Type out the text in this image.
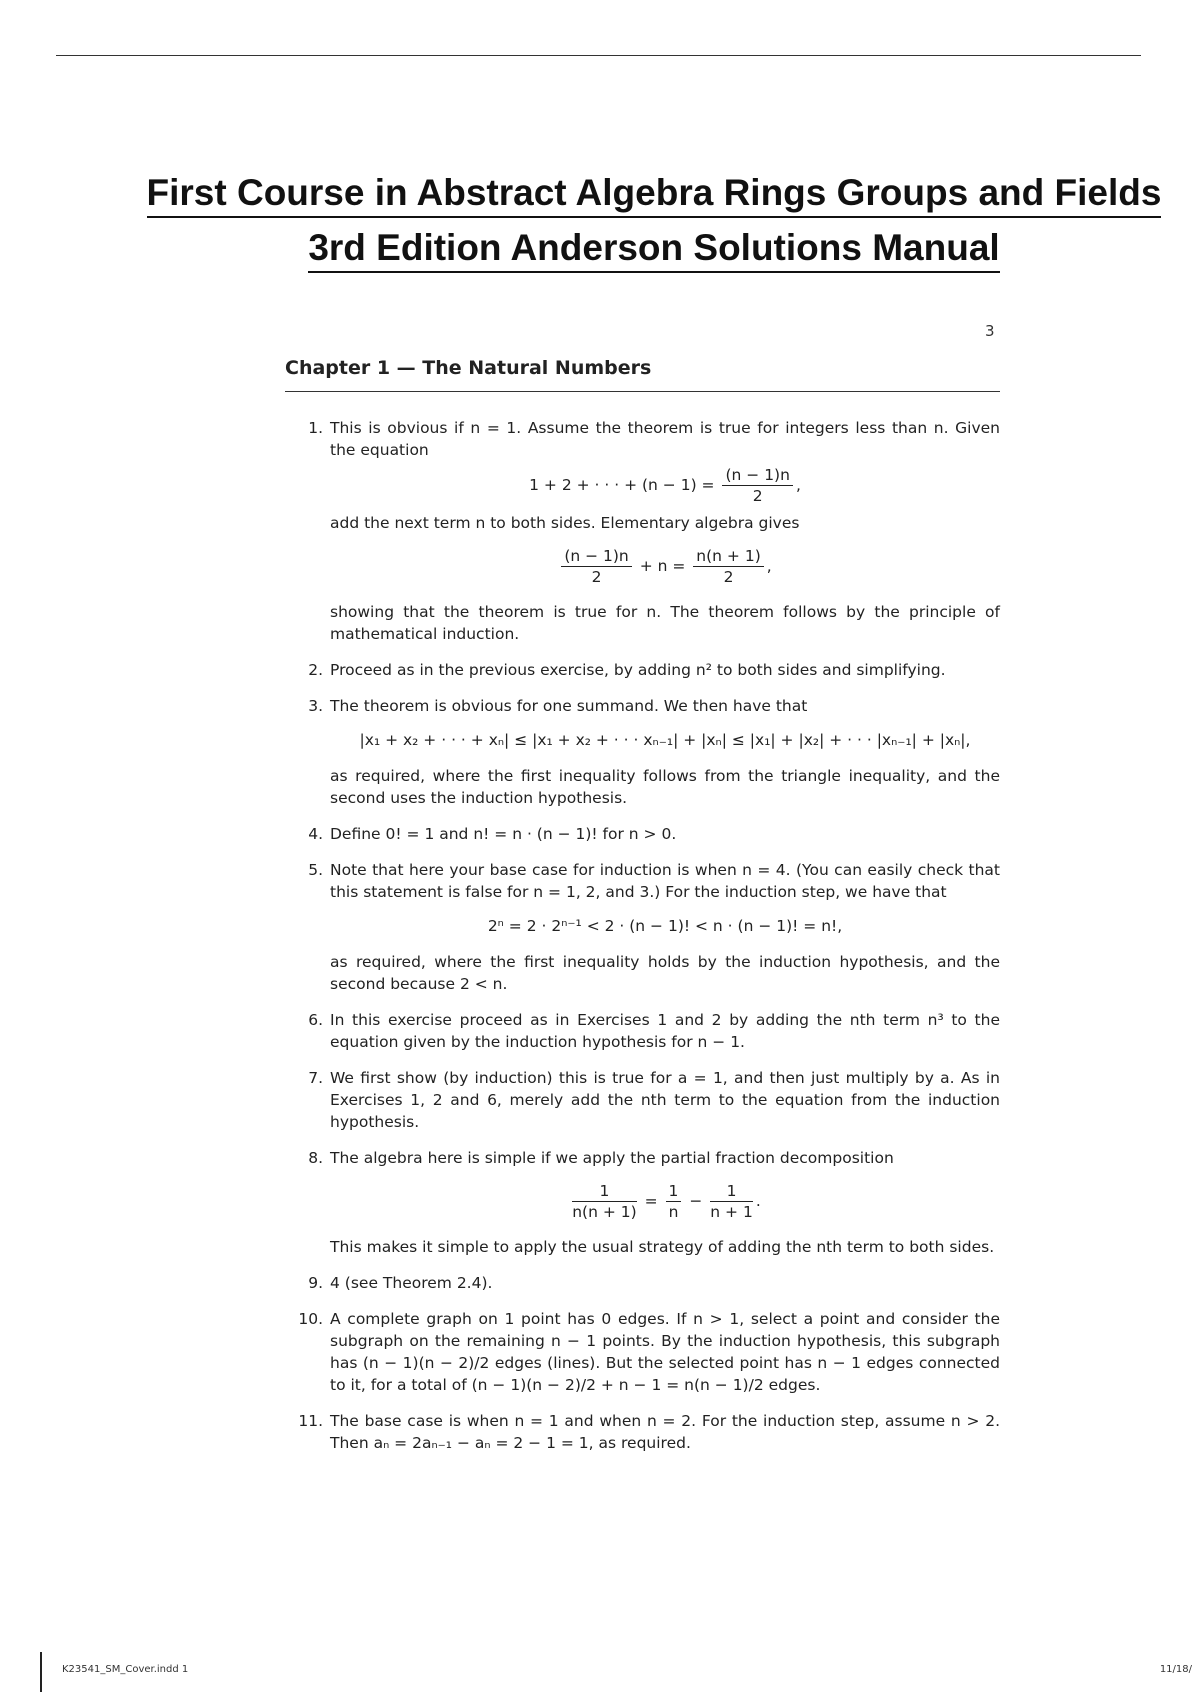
First Course in Abstract Algebra Rings Groups and Fields
3rd Edition Anderson Solutions Manual
3
Chapter 1 — The Natural Numbers
1. This is obvious if n = 1. Assume the theorem is true for integers less than n. Given the equation
1 + 2 + · · · + $(n - 1) = \frac{(n - 1)n}{2}$ ,
add the next term n to both sides. Elementary algebra gives
$\frac{(n - 1)n}{2} + n = \frac{n(n + 1)}{2}$ ,
showing that the theorem is true for n. The theorem follows by the principle of mathematical induction.
2. Proceed as in the previous exercise, by adding n² to both sides and simplifying.
3. The theorem is obvious for one summand. We then have that
|x₁ + x₂ + · · · + xₙ| ≤ |x₁ + x₂ + · · · xₙ₋₁| + |xₙ| ≤ |x₁| + |x₂| + · · · |xₙ₋₁| + |xₙ|,
as required, where the first inequality follows from the triangle inequality, and the second uses the induction hypothesis.
4. Define 0! = 1 and n! = n · (n − 1)! for n > 0.
5. Note that here your base case for induction is when n = 4. (You can easily check that this statement is false for n = 1, 2, and 3.) For the induction step, we have that
2ⁿ = 2 · 2ⁿ⁻¹ < 2 · (n − 1)! < n · (n − 1)! = n!,
as required, where the first inequality holds by the induction hypothesis, and the second because 2 < n.
6. In this exercise proceed as in Exercises 1 and 2 by adding the nth term n³ to the equation given by the induction hypothesis for n − 1.
7. We first show (by induction) this is true for a = 1, and then just multiply by a. As in Exercises 1, 2 and 6, merely add the nth term to the equation from the induction hypothesis.
8. The algebra here is simple if we apply the partial fraction decomposition
$\frac{1}{n(n + 1)} = \frac{1}{n} - \frac{1}{n + 1}$ .
This makes it simple to apply the usual strategy of adding the nth term to both sides.
9. 4 (see Theorem 2.4).
10. A complete graph on 1 point has 0 edges. If n > 1, select a point and consider the subgraph on the remaining n − 1 points. By the induction hypothesis, this subgraph has (n − 1)(n − 2)/2 edges (lines). But the selected point has n − 1 edges connected to it, for a total of (n − 1)(n − 2)/2 + n − 1 = n(n − 1)/2 edges.
11. The base case is when n = 1 and when n = 2. For the induction step, assume n > 2. Then aₙ = 2aₙ₋₁ − aₙ = 2 − 1 = 1, as required.
K23541_SM_Cover.indd 1	11/18/
